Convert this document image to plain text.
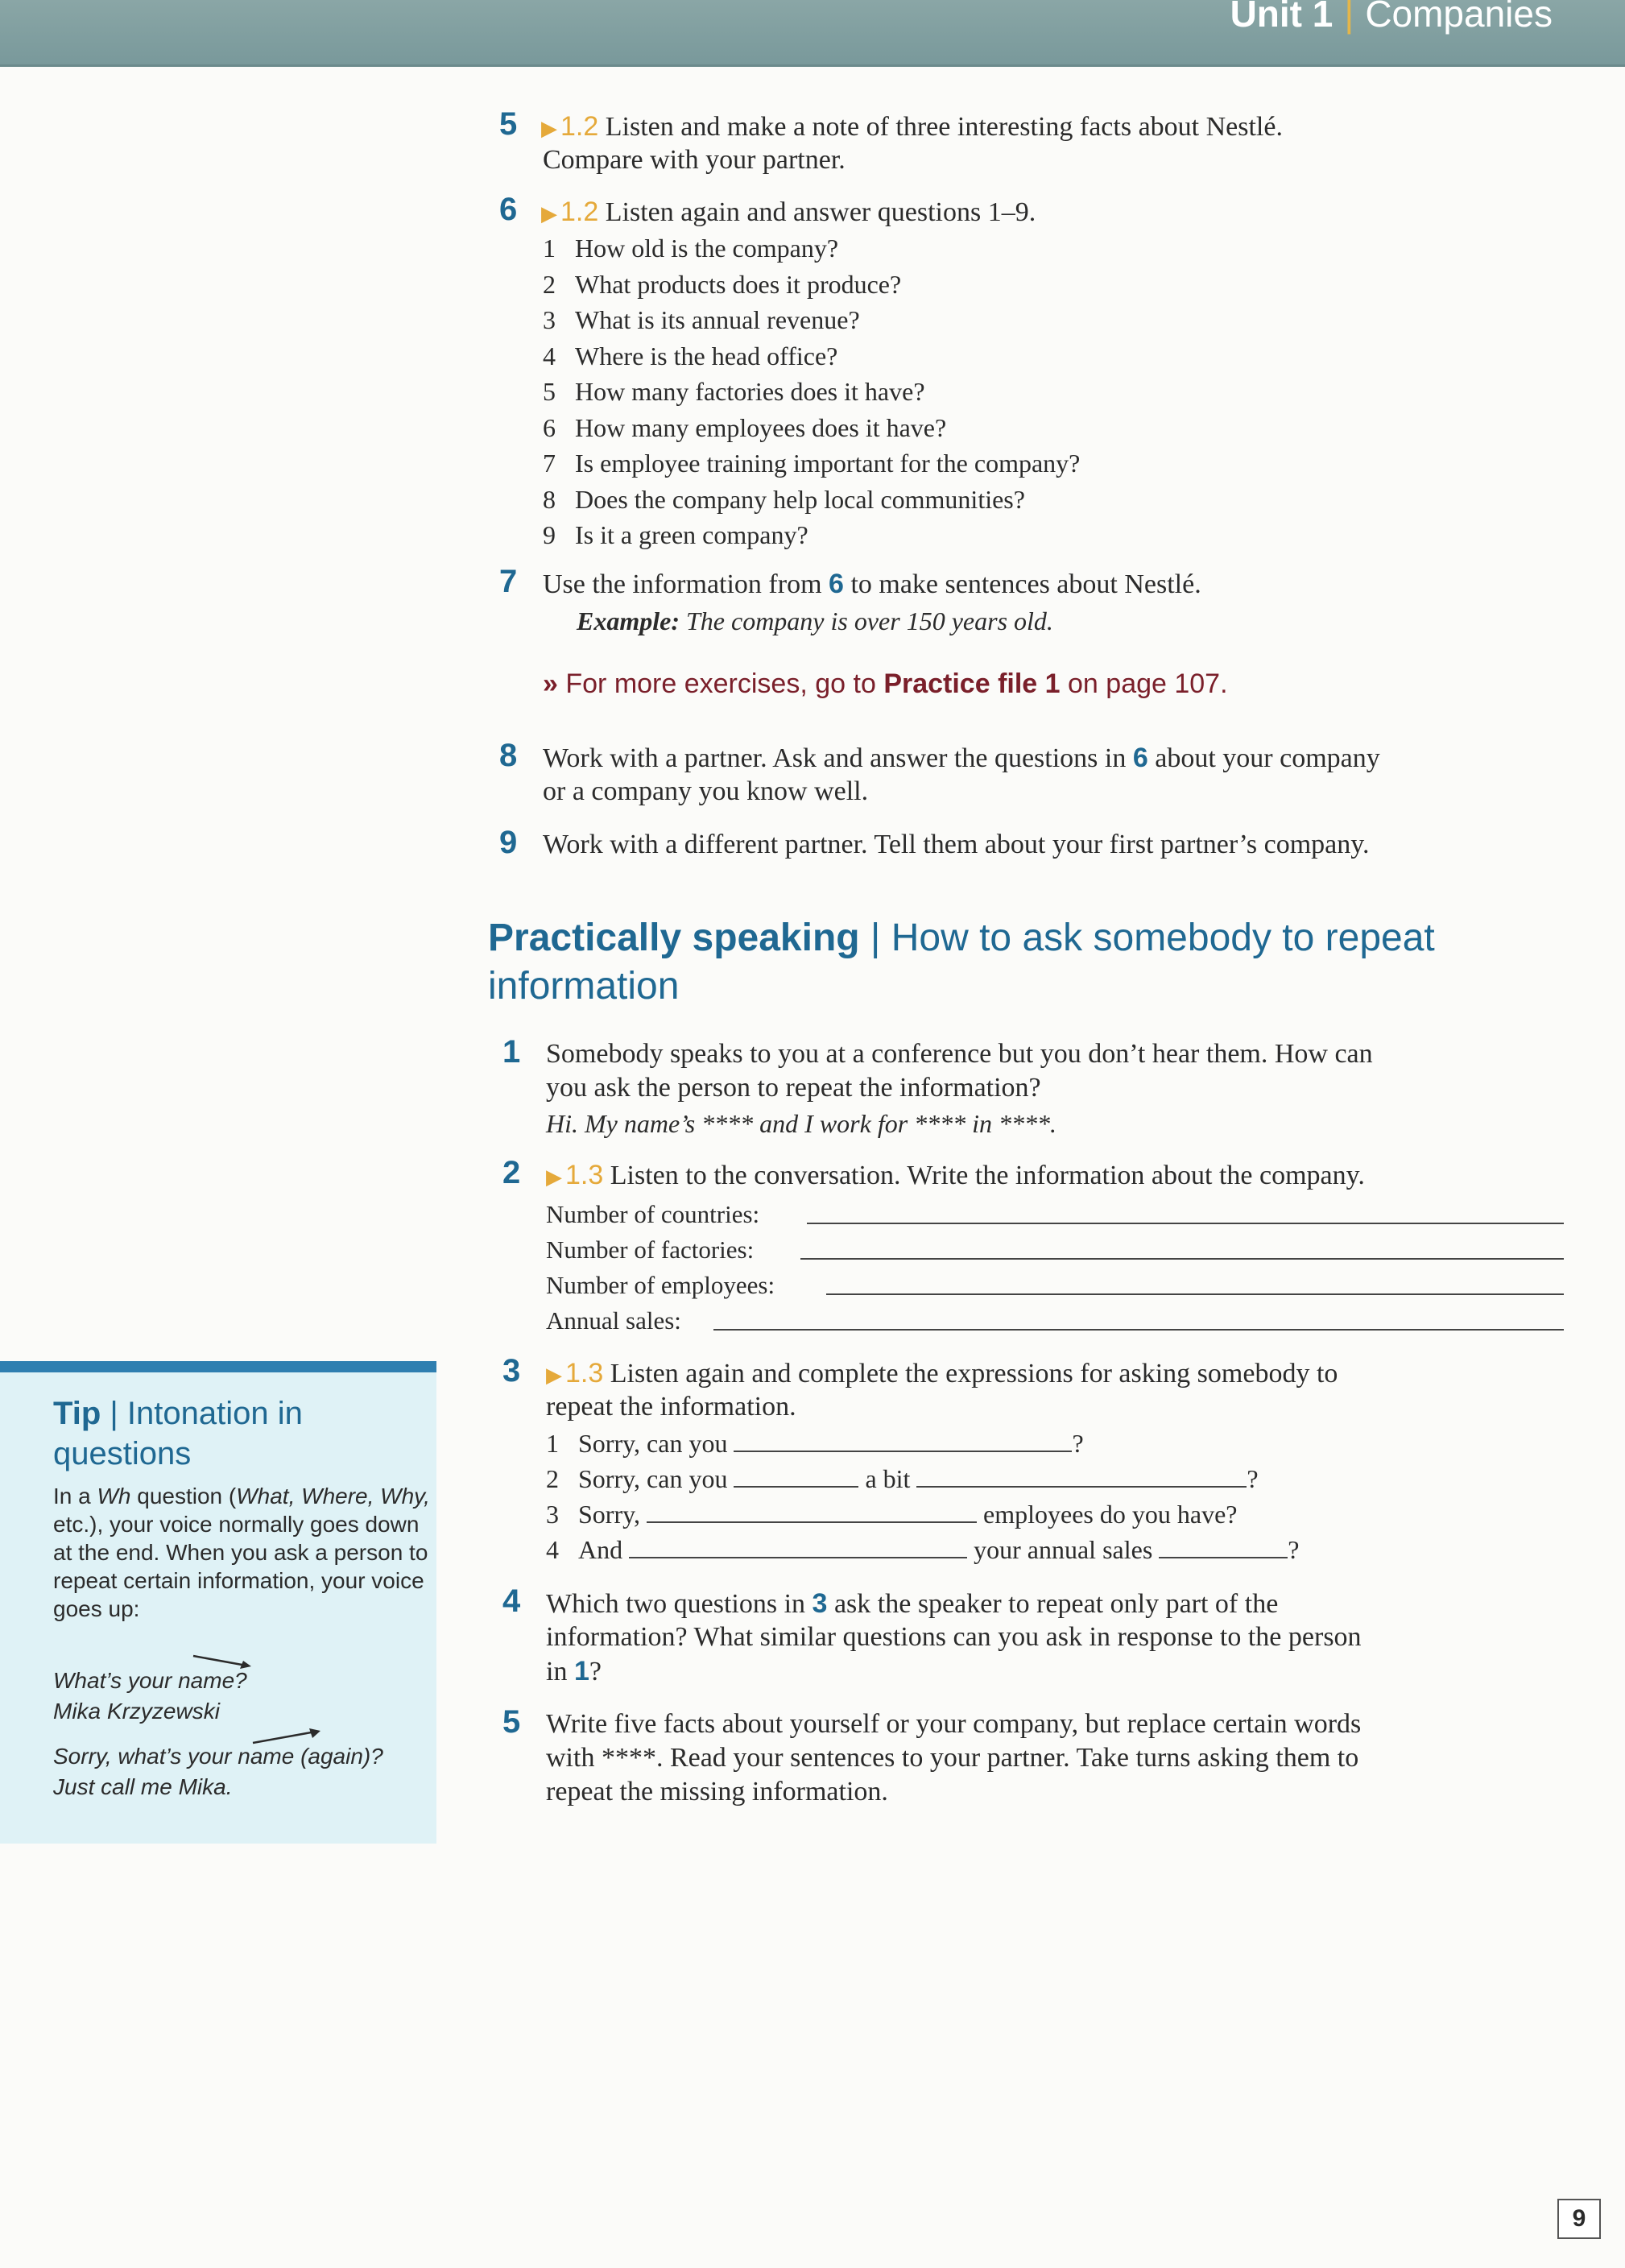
Unit 1 | Companies
5 ▶ 1.2 Listen and make a note of three interesting facts about Nestlé.
Compare with your partner.
6 ▶ 1.2 Listen again and answer questions 1–9.
1 How old is the company?
2 What products does it produce?
3 What is its annual revenue?
4 Where is the head office?
5 How many factories does it have?
6 How many employees does it have?
7 Is employee training important for the company?
8 Does the company help local communities?
9 Is it a green company?
7 Use the information from 6 to make sentences about Nestlé.
Example: The company is over 150 years old.
» For more exercises, go to Practice file 1 on page 107.
8 Work with a partner. Ask and answer the questions in 6 about your company
or a company you know well.
9 Work with a different partner. Tell them about your first partner’s company.
Practically speaking | How to ask somebody to repeat information
1 Somebody speaks to you at a conference but you don’t hear them. How can
you ask the person to repeat the information?
Hi. My name’s **** and I work for **** in ****.
2 ▶ 1.3 Listen to the conversation. Write the information about the company.
Number of countries:
Number of factories:
Number of employees:
Annual sales:
3 ▶ 1.3 Listen again and complete the expressions for asking somebody to
repeat the information.
1 Sorry, can you	?
2 Sorry, can you	a bit	?
3 Sorry,	employees do you have?
4 And	your annual sales	?
4 Which two questions in 3 ask the speaker to repeat only part of the
information? What similar questions can you ask in response to the person
in 1?
5 Write five facts about yourself or your company, but replace certain words
with ****. Read your sentences to your partner. Take turns asking them to
repeat the missing information.
Tip | Intonation in questions
In a Wh question (What, Where, Why, etc.), your voice normally goes down at the end. When you ask a person to repeat certain information, your voice goes up:
What’s your name?
Mika Krzyzewski
Sorry, what’s your name (again)?
Just call me Mika.
9
